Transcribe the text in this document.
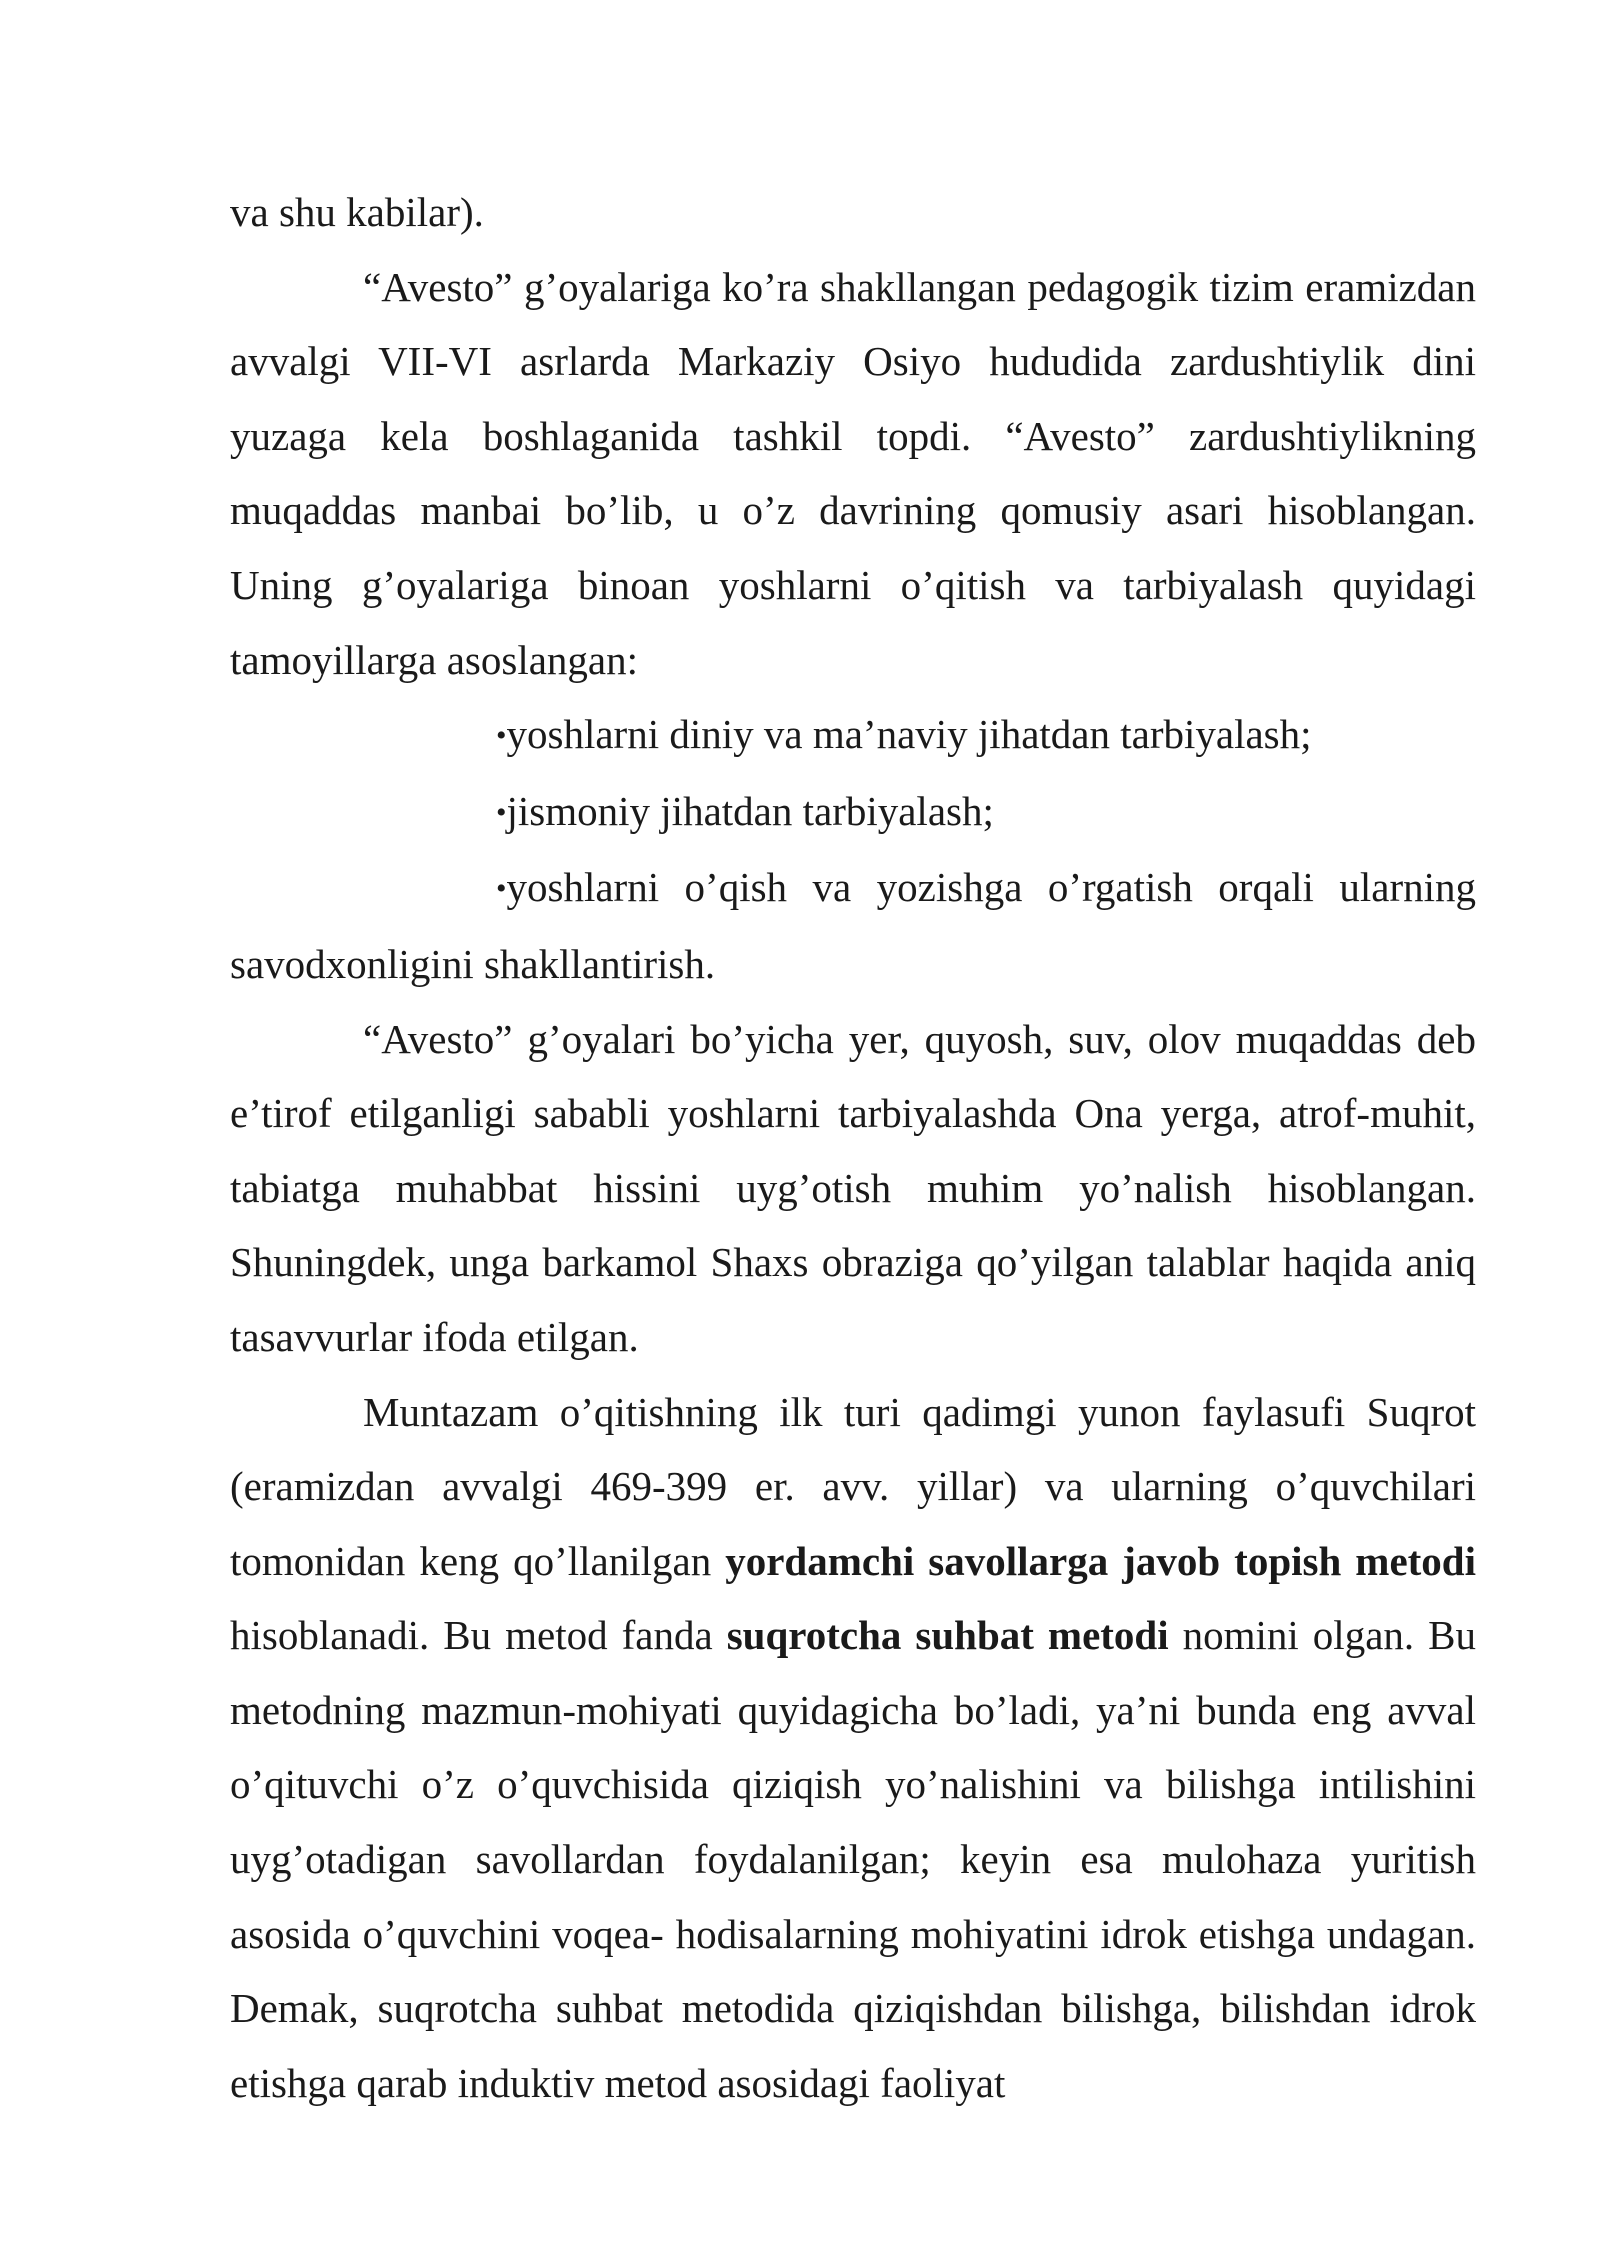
va shu kabilar).

“Avesto” g’oyalariga ko’ra shakllangan pedagogik tizim eramizdan avvalgi VII-VI asrlarda Markaziy Osiyo hududida zardushtiylik dini yuzaga kela boshlaganida tashkil topdi. “Avesto” zardushtiylikning muqaddas manbai bo’lib, u o’z davrining qomusiy asari hisoblangan. Uning g’oyalariga binoan yoshlarni o’qitish va tarbiyalash quyidagi tamoyillarga asoslangan:

•yoshlarni diniy va ma’naviy jihatdan tarbiyalash;

•jismoniy jihatdan tarbiyalash;

•yoshlarni o’qish va yozishga o’rgatish orqali ularning savodxonligini shakllantirish.

“Avesto” g’oyalari bo’yicha yer, quyosh, suv, olov muqaddas deb e’tirof etilganligi sababli yoshlarni tarbiyalashda Ona yerga, atrof-muhit, tabiatga muhabbat hissini uyg’otish muhim yo’nalish hisoblangan. Shuningdek, unga barkamol Shaxs obraziga qo’yilgan talablar haqida aniq tasavvurlar ifoda etilgan.

Muntazam o’qitishning ilk turi qadimgi yunon faylasufi Suqrot (eramizdan avvalgi 469-399 er. avv. yillar) va ularning o’quvchilari tomonidan keng qo’llanilgan yordamchi savollarga javob topish metodi hisoblanadi. Bu metod fanda suqrotcha suhbat metodi nomini olgan. Bu metodning mazmun-mohiyati quyidagicha bo’ladi, ya’ni bunda eng avval o’qituvchi o’z o’quvchisida qiziqish yo’nalishini va bilishga intilishini uyg’otadigan savollardan foydalanilgan; keyin esa mulohaza yuritish asosida o’quvchini voqea- hodisalarning mohiyatini idrok etishga undagan. Demak, suqrotcha suhbat metodida qiziqishdan bilishga, bilishdan idrok etishga qarab induktiv metod asosidagi faoliyat
